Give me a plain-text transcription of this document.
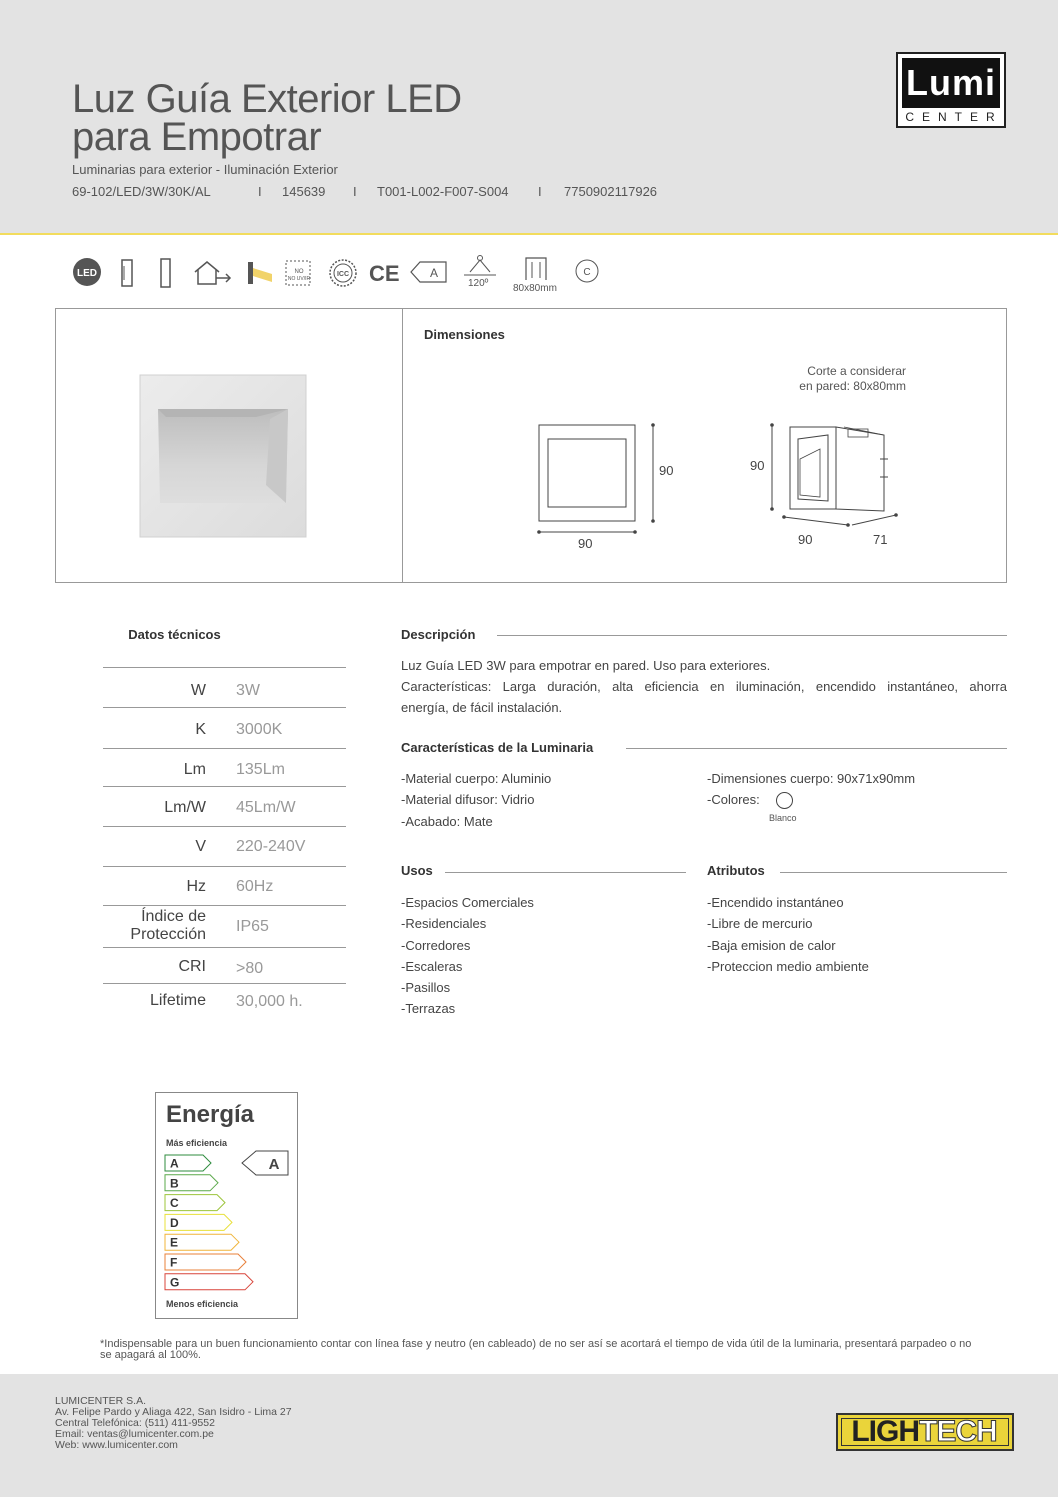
Luz Guía Exterior LED
para Empotrar
Luminarias para exterior - Iluminación Exterior
69-102/LED/3W/30K/AL	I	145639	I	T001-L002-F007-S004	I	7750902117926
Lumi
CENTER
LED	NO
NO UV/IR
ICC CE	A
120º 80x80mm
C
Dimensiones
Corte a considerar
en pared: 80x80mm
90
90
90
90	71
Datos técnicos
W 3W
K 3000K
Lm 135Lm
Lm/W 45Lm/W
V 220-240V
Hz 60Hz
Índice de
Protección IP65
CRI >80
Lifetime 30,000 h.
Descripción
Luz Guía LED 3W para empotrar en pared. Uso para exteriores.
Características: Larga duración, alta eficiencia en iluminación, encendido instantáneo, ahorra
energía, de fácil instalación.
Características de la Luminaria
-Material cuerpo: Aluminio
-Material difusor: Vidrio
-Acabado: Mate
-Dimensiones cuerpo: 90x71x90mm
-Colores:
Blanco
Usos
-Espacios Comerciales
-Residenciales
-Corredores
-Escaleras
-Pasillos
-Terrazas
Atributos
-Encendido instantáneo
-Libre de mercurio
-Baja emision de calor
-Proteccion medio ambiente
Energía
Más eficiencia
A
B
C
D
E
F
G
A
Menos eficiencia
*Indispensable para un buen funcionamiento contar con línea fase y neutro (en cableado) de no ser así se acortará el tiempo de vida útil de la luminaria, presentará parpadeo o no se apagará al 100%.
LUMICENTER S.A.
Av. Felipe Pardo y Aliaga 422, San Isidro - Lima 27
Central Telefónica: (511) 411-9552
Email: ventas@lumicenter.com.pe
Web: www.lumicenter.com	LIGHTECH
